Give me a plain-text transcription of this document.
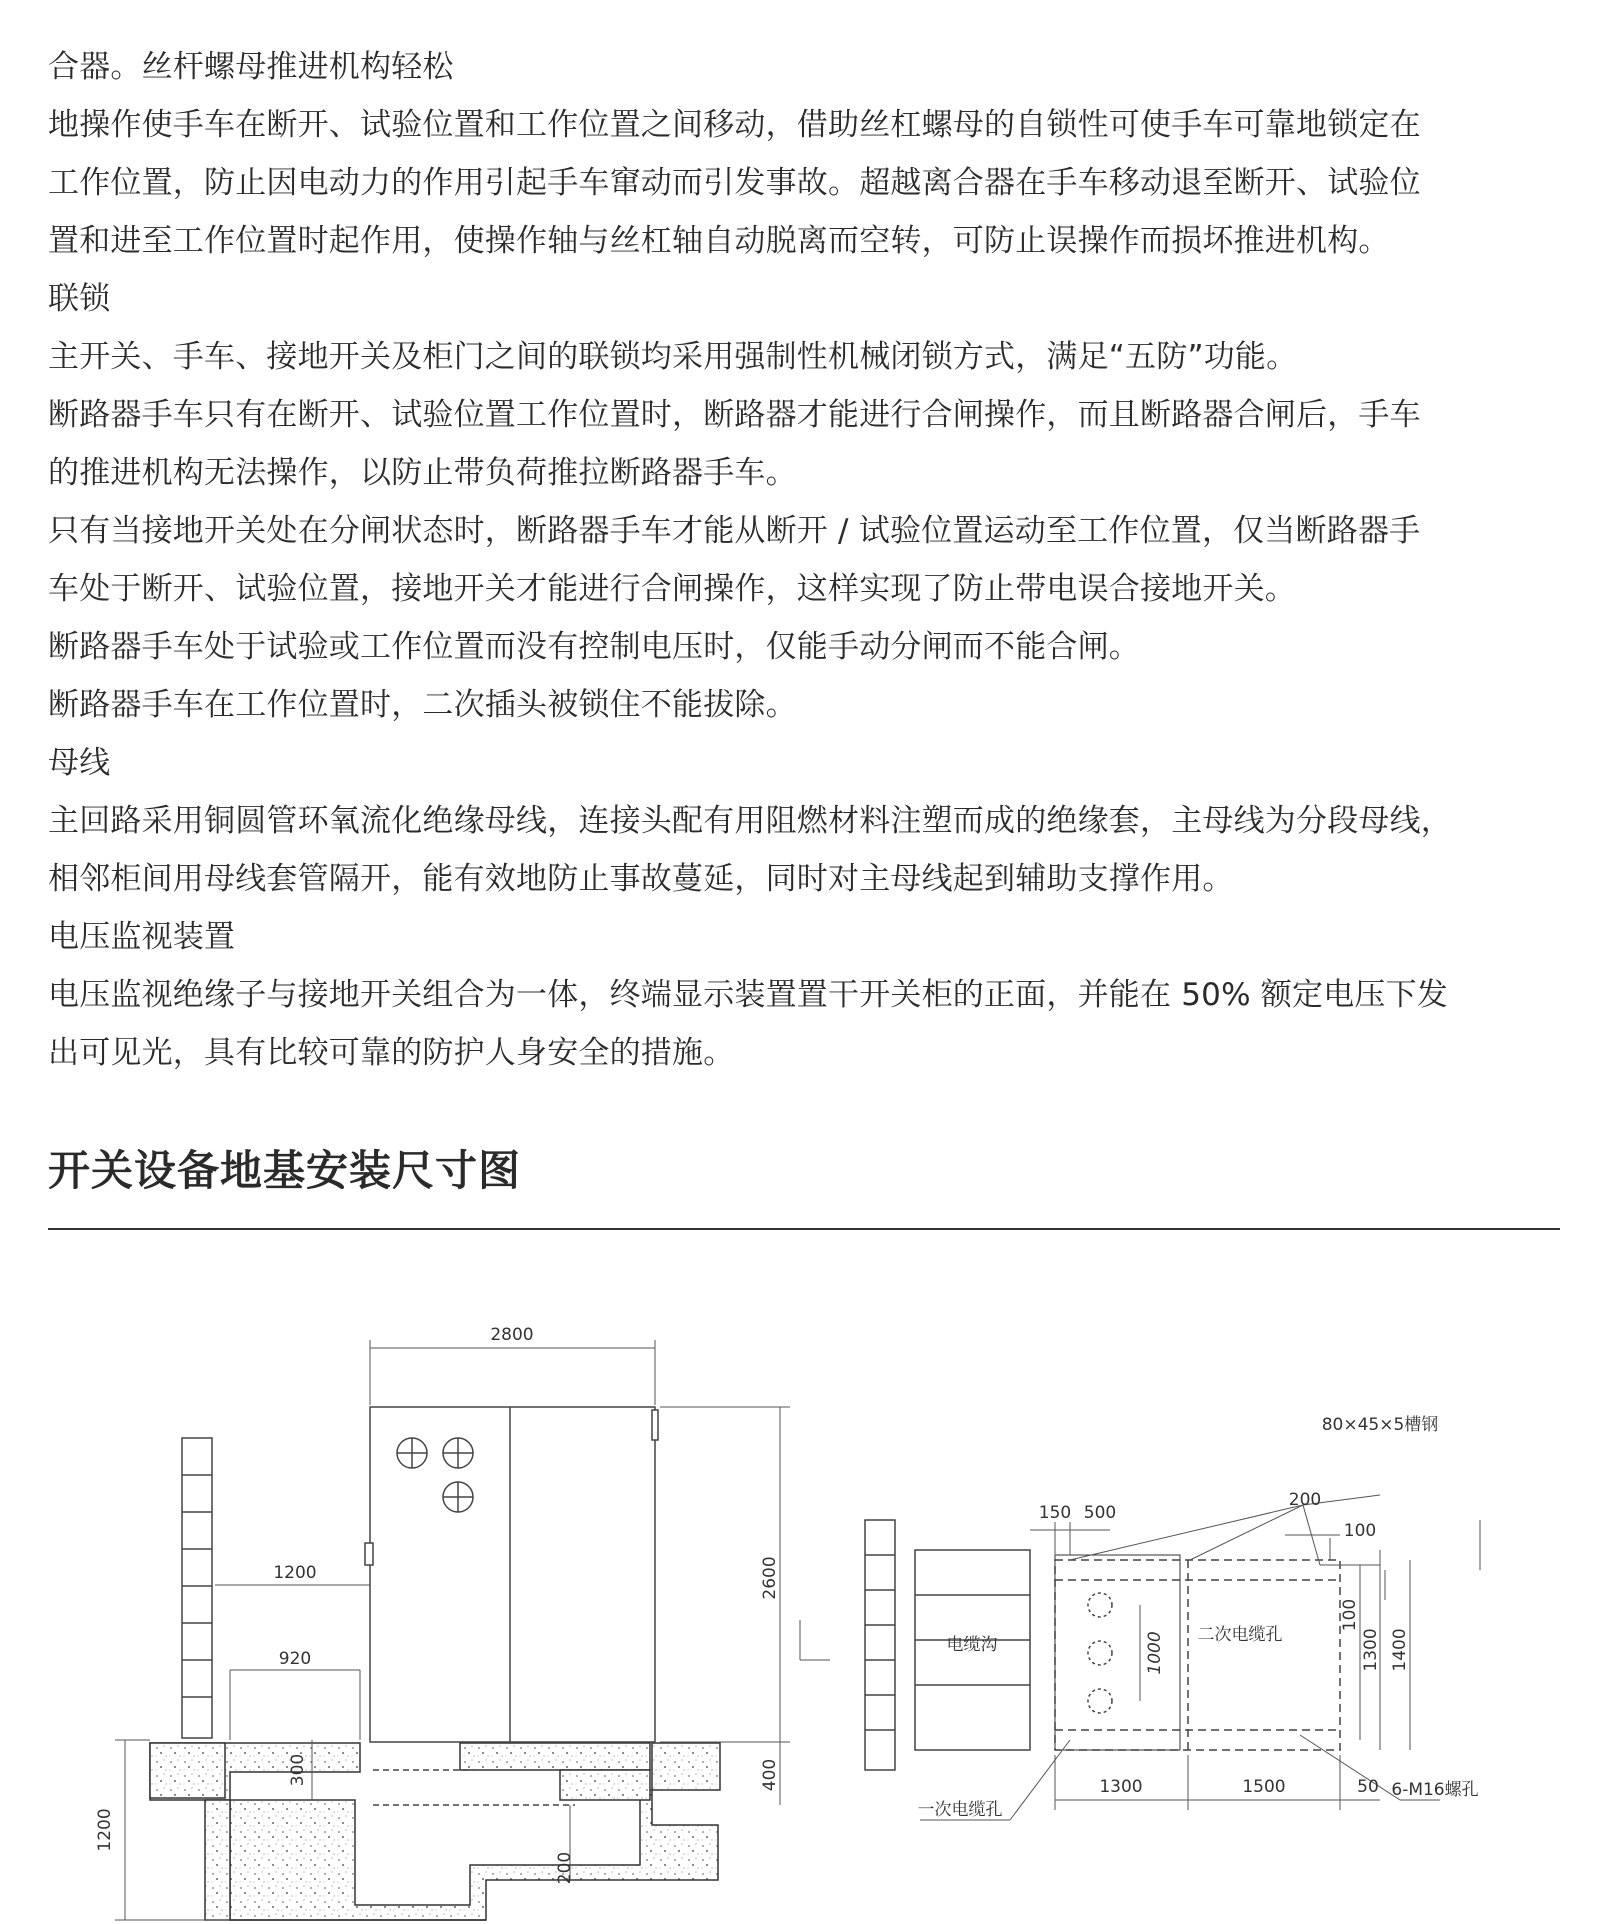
合器。丝杆螺母推进机构轻松
地操作使手车在断开、试验位置和工作位置之间移动，借助丝杠螺母的自锁性可使手车可靠地锁定在
工作位置，防止因电动力的作用引起手车窜动而引发事故。超越离合器在手车移动退至断开、试验位
置和进至工作位置时起作用，使操作轴与丝杠轴自动脱离而空转，可防止误操作而损坏推进机构。
联锁
主开关、手车、接地开关及柜门之间的联锁均采用强制性机械闭锁方式，满足“五防”功能。
断路器手车只有在断开、试验位置工作位置时，断路器才能进行合闸操作，而且断路器合闸后，手车
的推进机构无法操作，以防止带负荷推拉断路器手车。
只有当接地开关处在分闸状态时，断路器手车才能从断开 / 试验位置运动至工作位置，仅当断路器手
车处于断开、试验位置，接地开关才能进行合闸操作，这样实现了防止带电误合接地开关。
断路器手车处于试验或工作位置而没有控制电压时，仅能手动分闸而不能合闸。
断路器手车在工作位置时，二次插头被锁住不能拔除。
母线
主回路采用铜圆管环氧流化绝缘母线，连接头配有用阻燃材料注塑而成的绝缘套，主母线为分段母线，
相邻柜间用母线套管隔开，能有效地防止事故蔓延，同时对主母线起到辅助支撑作用。
电压监视装置
电压监视绝缘子与接地开关组合为一体，终端显示装置置干开关柜的正面，并能在 50% 额定电压下发
出可见光，具有比较可靠的防护人身安全的措施。
开关设备地基安装尺寸图
2800
2600
1200
920
300	400
1200
200
80×45×5槽钢
电缆沟	二次电缆孔
一次电缆孔
6-M16螺孔
150 500
200
100
100
1300 1400
1000
1300	1500	50
